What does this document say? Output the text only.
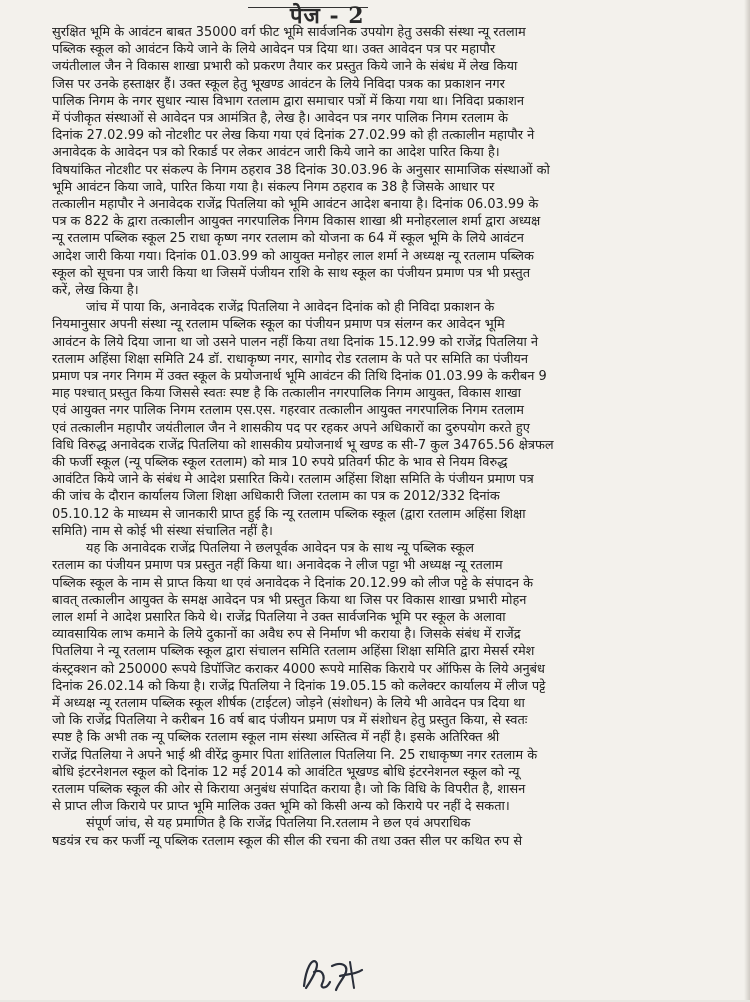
पेज - 2
सुरक्षित भूमि के आवंटन बाबत 35000 वर्ग फीट भूमि सार्वजनिक उपयोग हेतु उसकी संस्था न्यू रतलाम
पब्लिक स्कूल को आवंटन किये जाने के लिये आवेदन पत्र दिया था। उक्त आवेदन पत्र पर महापौर
जयंतीलाल जैन ने विकास शाखा प्रभारी को प्रकरण तैयार कर प्रस्तुत किये जाने के संबंध में लेख किया
जिस पर उनके हस्ताक्षर हैं। उक्त स्कूल हेतु भूखण्ड आवंटन के लिये निविदा पत्रक का प्रकाशन नगर
पालिक निगम के नगर सुधार न्यास विभाग रतलाम द्वारा समाचार पत्रों में किया गया था। निविदा प्रकाशन
में पंजीकृत संस्थाओं से आवेदन पत्र आमंत्रित है, लेख है। आवेदन पत्र नगर पालिक निगम रतलाम के
दिनांक 27.02.99 को नोटशीट पर लेख किया गया एवं दिनांक 27.02.99 को ही तत्कालीन महापौर ने
अनावेदक के आवेदन पत्र को रिकार्ड पर लेकर आवंटन जारी किये जाने का आदेश पारित किया है।
विषयांकित नोटशीट पर संकल्प के निगम ठहराव 38 दिनांक 30.03.96 के अनुसार सामाजिक संस्थाओं को
भूमि आवंटन किया जावे, पारित किया गया है। संकल्प निगम ठहराव क 38 है जिसके आधार पर
तत्कालीन महापौर ने अनावेदक राजेंद्र पितलिया को भूमि आवंटन आदेश बनाया है। दिनांक 06.03.99 के
पत्र क 822 के द्वारा तत्कालीन आयुक्त नगरपालिक निगम विकास शाखा श्री मनोहरलाल शर्मा द्वारा अध्यक्ष
न्यू रतलाम पब्लिक स्कूल 25 राधा कृष्ण नगर रतलाम को योजना क 64 में स्कूल भूमि के लिये आवंटन
आदेश जारी किया गया। दिनांक 01.03.99 को आयुक्त मनोहर लाल शर्मा ने अध्यक्ष न्यू रतलाम पब्लिक
स्कूल को सूचना पत्र जारी किया था जिसमें पंजीयन राशि के साथ स्कूल का पंजीयन प्रमाण पत्र भी प्रस्तुत
करें, लेख किया है।
जांच में पाया कि, अनावेदक राजेंद्र पितलिया ने आवेदन दिनांक को ही निविदा प्रकाशन के
नियमानुसार अपनी संस्था न्यू रतलाम पब्लिक स्कूल का पंजीयन प्रमाण पत्र संलग्न कर आवेदन भूमि
आवंटन के लिये दिया जाना था जो उसने पालन नहीं किया तथा दिनांक 15.12.99 को राजेंद्र पितलिया ने
रतलाम अहिंसा शिक्षा समिति 24 डॉ. राधाकृष्ण नगर, सागोद रोड रतलाम के पते पर समिति का पंजीयन
प्रमाण पत्र नगर निगम में उक्त स्कूल के प्रयोजनार्थ भूमि आवंटन की तिथि दिनांक 01.03.99 के करीबन 9
माह पश्चात् प्रस्तुत किया जिससे स्वतः स्पष्ट है कि तत्कालीन नगरपालिक निगम आयुक्त, विकास शाखा
एवं आयुक्त नगर पालिक निगम रतलाम एस.एस. गहरवार तत्कालीन आयुक्त नगरपालिक निगम रतलाम
एवं तत्कालीन महापौर जयंतीलाल जैन ने शासकीय पद पर रहकर अपने अधिकारों का दुरुपयोग करते हुए
विधि विरुद्ध अनावेदक राजेंद्र पितलिया को शासकीय प्रयोजनार्थ भू खण्ड क सी-7 कुल 34765.56 क्षेत्रफल
की फर्जी स्कूल (न्यू पब्लिक स्कूल रतलाम) को मात्र 10 रुपये प्रतिवर्ग फीट के भाव से नियम विरुद्ध
आवंटित किये जाने के संबंध मे आदेश प्रसारित किये। रतलाम अहिंसा शिक्षा समिति के पंजीयन प्रमाण पत्र
की जांच के दौरान कार्यालय जिला शिक्षा अधिकारी जिला रतलाम का पत्र क 2012/332 दिनांक
05.10.12 के माध्यम से जानकारी प्राप्त हुई कि न्यू रतलाम पब्लिक स्कूल (द्वारा रतलाम अहिंसा शिक्षा
समिति) नाम से कोई भी संस्था संचालित नहीं है।
यह कि अनावेदक राजेंद्र पितलिया ने छलपूर्वक आवेदन पत्र के साथ न्यू पब्लिक स्कूल
रतलाम का पंजीयन प्रमाण पत्र प्रस्तुत नहीं किया था। अनावेदक ने लीज पट्टा भी अध्यक्ष न्यू रतलाम
पब्लिक स्कूल के नाम से प्राप्त किया था एवं अनावेदक ने दिनांक 20.12.99 को लीज पट्टे के संपादन के
बावत् तत्कालीन आयुक्त के समक्ष आवेदन पत्र भी प्रस्तुत किया था जिस पर विकास शाखा प्रभारी मोहन
लाल शर्मा ने आदेश प्रसारित किये थे। राजेंद्र पितलिया ने उक्त सार्वजनिक भूमि पर स्कूल के अलावा
व्यावसायिक लाभ कमाने के लिये दुकानों का अवैध रुप से निर्माण भी कराया है। जिसके संबंध में राजेंद्र
पितलिया ने न्यू रतलाम पब्लिक स्कूल द्वारा संचालन समिति रतलाम अहिंसा शिक्षा समिति द्वारा मेसर्स रमेश
कंस्ट्रक्शन को 250000 रूपये डिपॉजिट कराकर 4000 रूपये मासिक किराये पर ऑफिस के लिये अनुबंध
दिनांक 26.02.14 को किया है। राजेंद्र पितलिया ने दिनांक 19.05.15 को कलेक्टर कार्यालय में लीज पट्टे
में अध्यक्ष न्यू रतलाम पब्लिक स्कूल शीर्षक (टाईटल) जोड़ने (संशोधन) के लिये भी आवेदन पत्र दिया था
जो कि राजेंद्र पितलिया ने करीबन 16 वर्ष बाद पंजीयन प्रमाण पत्र में संशोधन हेतु प्रस्तुत किया, से स्वतः
स्पष्ट है कि अभी तक न्यू पब्लिक रतलाम स्कूल नाम संस्था अस्तित्व में नहीं है। इसके अतिरिक्त श्री
राजेंद्र पितलिया ने अपने भाई श्री वीरेंद्र कुमार पिता शांतिलाल पितलिया नि. 25 राधाकृष्ण नगर रतलाम के
बोधि इंटरनेशनल स्कूल को दिनांक 12 मई 2014 को आवंटित भूखण्ड बोधि इंटरनेशनल स्कूल को न्यू
रतलाम पब्लिक स्कूल की ओर से किराया अनुबंध संपादित कराया है। जो कि विधि के विपरीत है, शासन
से प्राप्त लीज किराये पर प्राप्त भूमि मालिक उक्त भूमि को किसी अन्य को किराये पर नहीं दे सकता।
संपूर्ण जांच, से यह प्रमाणित है कि राजेंद्र पितलिया नि.रतलाम ने छल एवं अपराधिक
षडयंत्र रच कर फर्जी न्यू पब्लिक रतलाम स्कूल की सील की रचना की तथा उक्त सील पर कथित रुप से
